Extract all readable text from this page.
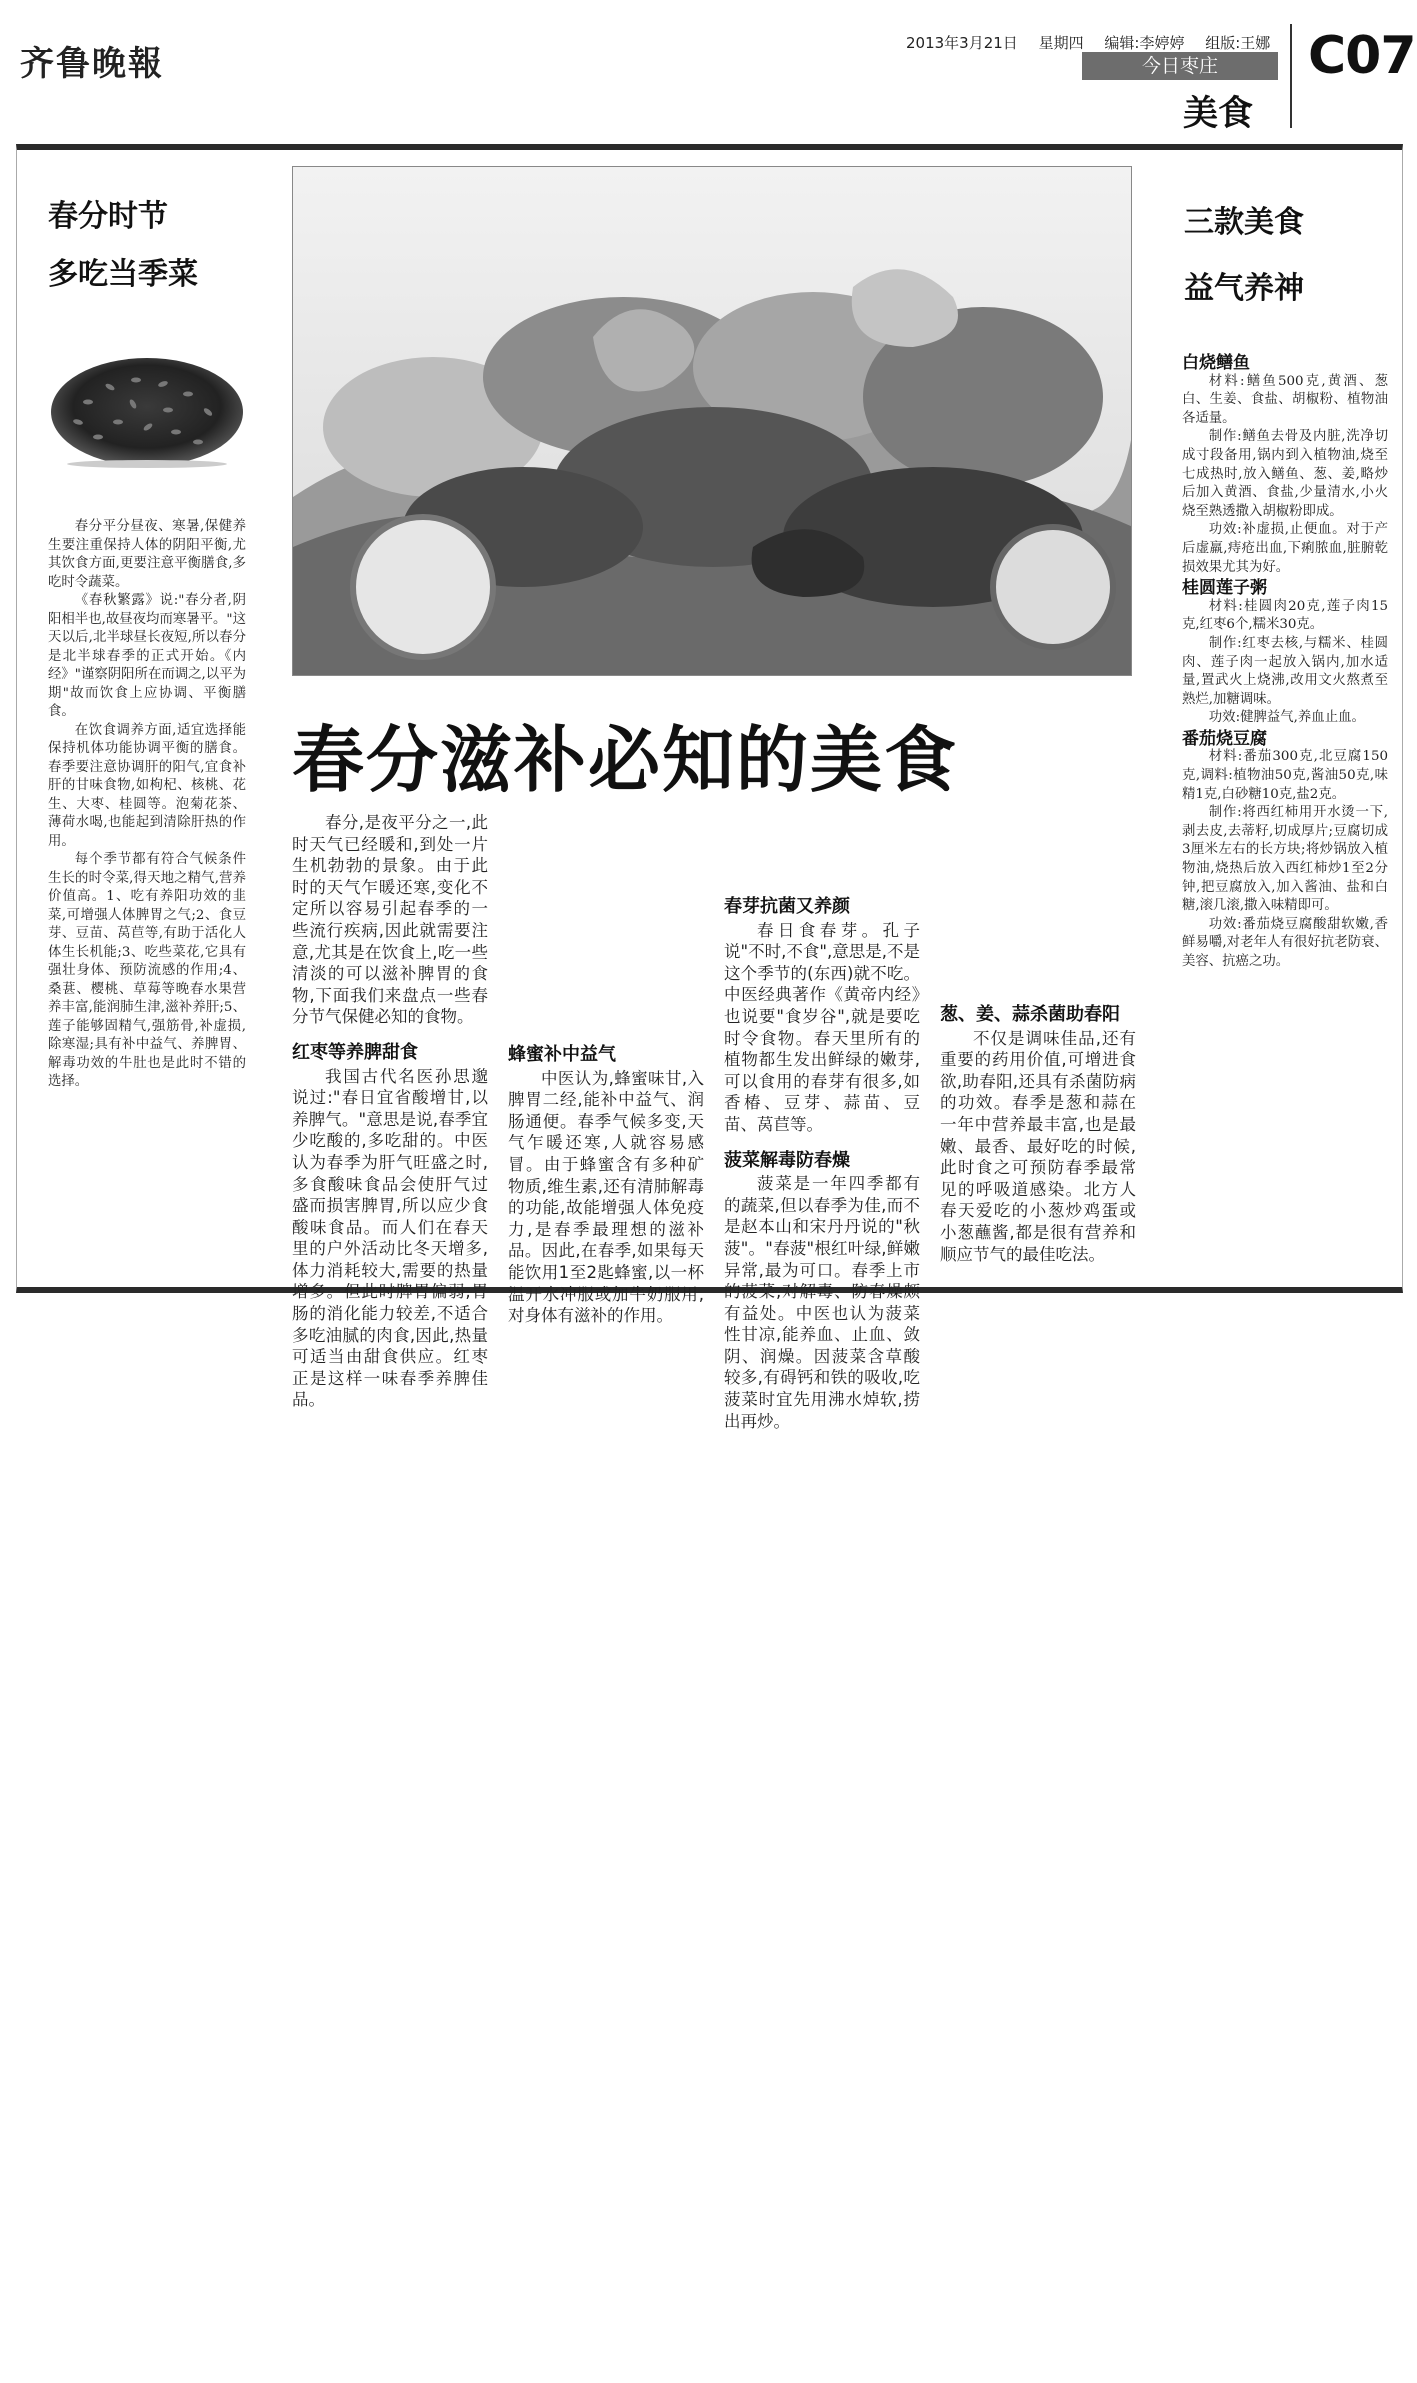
齐鲁晚報
2013年3月21日 星期四 编辑:李婷婷 组版:王娜
今日枣庄
美食
C07
春分时节
多吃当季菜

春分平分昼夜、寒暑,保健养生要注重保持人体的阴阳平衡,尤其饮食方面,更要注意平衡膳食,多吃时令蔬菜。

《春秋繁露》说:"春分者,阴阳相半也,故昼夜均而寒暑平。"这天以后,北半球昼长夜短,所以春分是北半球春季的正式开始。《内经》"谨察阴阳所在而调之,以平为期"故而饮食上应协调、平衡膳食。

在饮食调养方面,适宜选择能保持机体功能协调平衡的膳食。春季要注意协调肝的阳气,宜食补肝的甘味食物,如枸杞、核桃、花生、大枣、桂圆等。泡菊花茶、薄荷水喝,也能起到清除肝热的作用。

每个季节都有符合气候条件生长的时令菜,得天地之精气,营养价值高。1、吃有养阳功效的韭菜,可增强人体脾胃之气;2、食豆芽、豆苗、莴苣等,有助于活化人体生长机能;3、吃些菜花,它具有强壮身体、预防流感的作用;4、桑葚、樱桃、草莓等晚春水果营养丰富,能润肺生津,滋补养肝;5、莲子能够固精气,强筋骨,补虚损,除寒湿;具有补中益气、养脾胃、解毒功效的牛肚也是此时不错的选择。

春分滋补必知的美食

春分,是夜平分之一,此时天气已经暖和,到处一片生机勃勃的景象。由于此时的天气乍暖还寒,变化不定所以容易引起春季的一些流行疾病,因此就需要注意,尤其是在饮食上,吃一些清淡的可以滋补脾胃的食物,下面我们来盘点一些春分节气保健必知的食物。

红枣等养脾甜食

我国古代名医孙思邈说过:"春日宜省酸增甘,以养脾气。"意思是说,春季宜少吃酸的,多吃甜的。中医认为春季为肝气旺盛之时,多食酸味食品会使肝气过盛而损害脾胃,所以应少食酸味食品。而人们在春天里的户外活动比冬天增多,体力消耗较大,需要的热量增多。但此时脾胃偏弱,胃肠的消化能力较差,不适合多吃油腻的肉食,因此,热量可适当由甜食供应。红枣正是这样一味春季养脾佳品。

蜂蜜补中益气

中医认为,蜂蜜味甘,入脾胃二经,能补中益气、润肠通便。春季气候多变,天气乍暖还寒,人就容易感冒。由于蜂蜜含有多种矿物质,维生素,还有清肺解毒的功能,故能增强人体免疫力,是春季最理想的滋补品。因此,在春季,如果每天能饮用1至2匙蜂蜜,以一杯温开水冲服或加牛奶服用,对身体有滋补的作用。

春芽抗菌又养颜

春日食春芽。孔子说"不时,不食",意思是,不是这个季节的(东西)就不吃。中医经典著作《黄帝内经》也说要"食岁谷",就是要吃时令食物。春天里所有的植物都生发出鲜绿的嫩芽,可以食用的春芽有很多,如香椿、豆芽、蒜苗、豆苗、莴苣等。

菠菜解毒防春燥

菠菜是一年四季都有的蔬菜,但以春季为佳,而不是赵本山和宋丹丹说的"秋菠"。"春菠"根红叶绿,鲜嫩异常,最为可口。春季上市的菠菜,对解毒、防春燥颇有益处。中医也认为菠菜性甘凉,能养血、止血、敛阴、润燥。因菠菜含草酸较多,有碍钙和铁的吸收,吃菠菜时宜先用沸水焯软,捞出再炒。

葱、姜、蒜杀菌助春阳

不仅是调味佳品,还有重要的药用价值,可增进食欲,助春阳,还具有杀菌防病的功效。春季是葱和蒜在一年中营养最丰富,也是最嫩、最香、最好吃的时候,此时食之可预防春季最常见的呼吸道感染。北方人春天爱吃的小葱炒鸡蛋或小葱蘸酱,都是很有营养和顺应节气的最佳吃法。

三款美食
益气养神
白烧鳝鱼

材料:鳝鱼500克,黄酒、葱白、生姜、食盐、胡椒粉、植物油各适量。

制作:鳝鱼去骨及内脏,洗净切成寸段备用,锅内到入植物油,烧至七成热时,放入鳝鱼、葱、姜,略炒后加入黄酒、食盐,少量清水,小火烧至熟透撒入胡椒粉即成。

功效:补虚损,止便血。对于产后虚羸,痔疮出血,下痢脓血,脏腑乾损效果尤其为好。

桂圆莲子粥

材料:桂圆肉20克,莲子肉15克,红枣6个,糯米30克。

制作:红枣去核,与糯米、桂圆肉、莲子肉一起放入锅内,加水适量,置武火上烧沸,改用文火熬煮至熟烂,加糖调味。

功效:健脾益气,养血止血。

番茄烧豆腐

材料:番茄300克,北豆腐150克,调料:植物油50克,酱油50克,味精1克,白砂糖10克,盐2克。

制作:将西红柿用开水烫一下,剥去皮,去蒂籽,切成厚片;豆腐切成3厘米左右的长方块;将炒锅放入植物油,烧热后放入西红柿炒1至2分钟,把豆腐放入,加入酱油、盐和白糖,滚几滚,撒入味精即可。

功效:番茄烧豆腐酸甜软嫩,香鲜易嚼,对老年人有很好抗老防衰、美容、抗癌之功。
